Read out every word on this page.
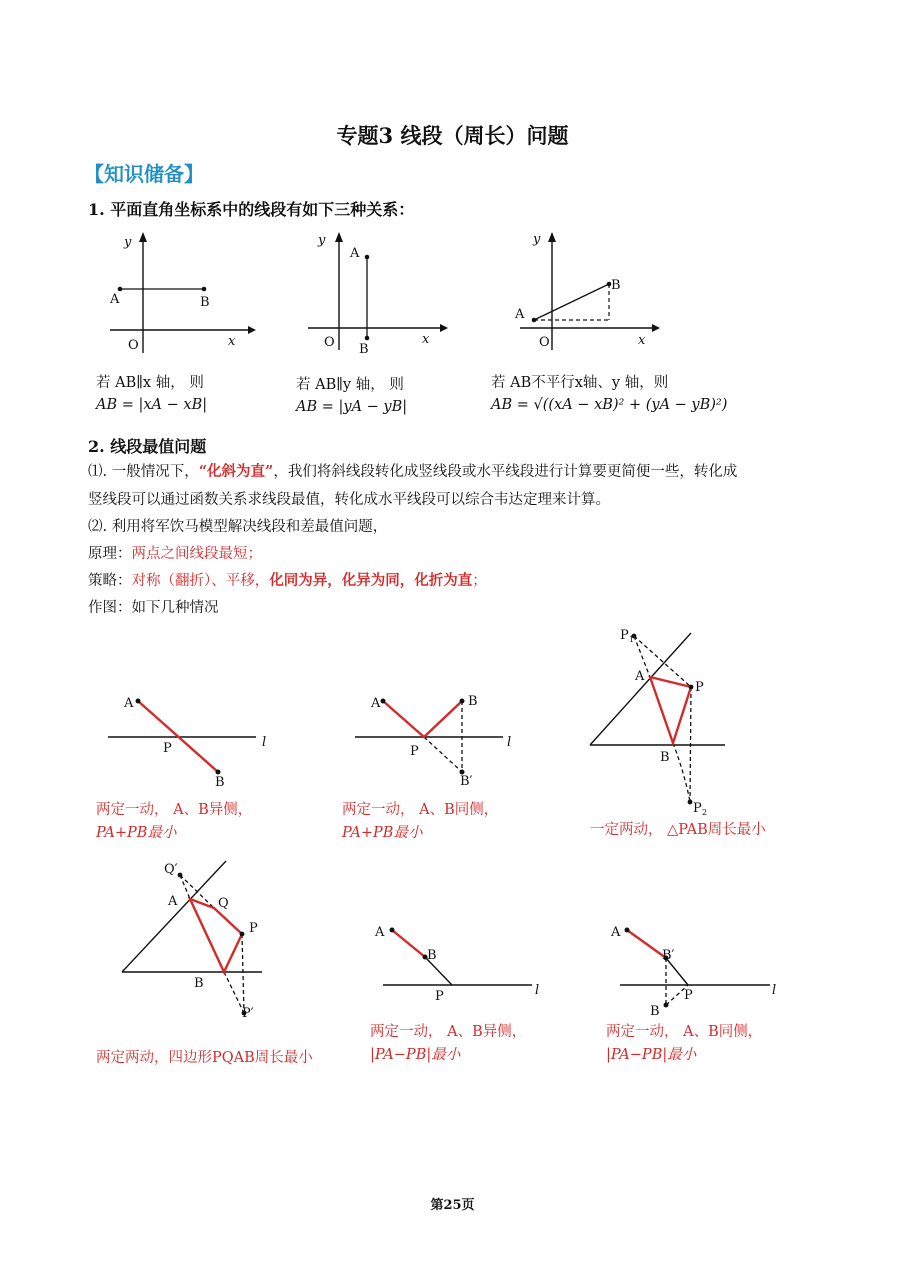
专题3 线段（周长）问题
【知识储备】
1. 平面直角坐标系中的线段有如下三种关系：
y
A	B
O	x
y
A
B
O	x
y
A
B
O	x
若 AB∥x 轴， 则
AB = |xA − xB|
若 AB∥y 轴， 则
AB = |yA − yB|
若 AB不平行x轴、y 轴，则
AB = √((xA − xB)² + (yA − yB)²)
2. 线段最值问题
⑴. 一般情况下，“化斜为直”，我们将斜线段转化成竖线段或水平线段进行计算要更简便一些，转化成
竖线段可以通过函数关系求线段最值，转化成水平线段可以综合韦达定理来计算。
⑵. 利用将军饮马模型解决线段和差最值问题，
原理：两点之间线段最短；
策略：对称（翻折）、平移，化同为异，化异为同，化折为直；
作图：如下几种情况
A
P
B
l
两定一动， A、B异侧，
PA+PB最小
A	B
P
B′
l
两定一动， A、B同侧，
PA+PB最小
P 1
A
P
B
P 2
一定两动， △PAB周长最小
Q′
A	Q
P
B
P′
两定两动，四边形PQAB周长最小
A
B
P	l
两定一动， A、B异侧，
|PA−PB|最小
A
B′
P
B
l
两定一动， A、B同侧，
|PA−PB|最小
第25页
